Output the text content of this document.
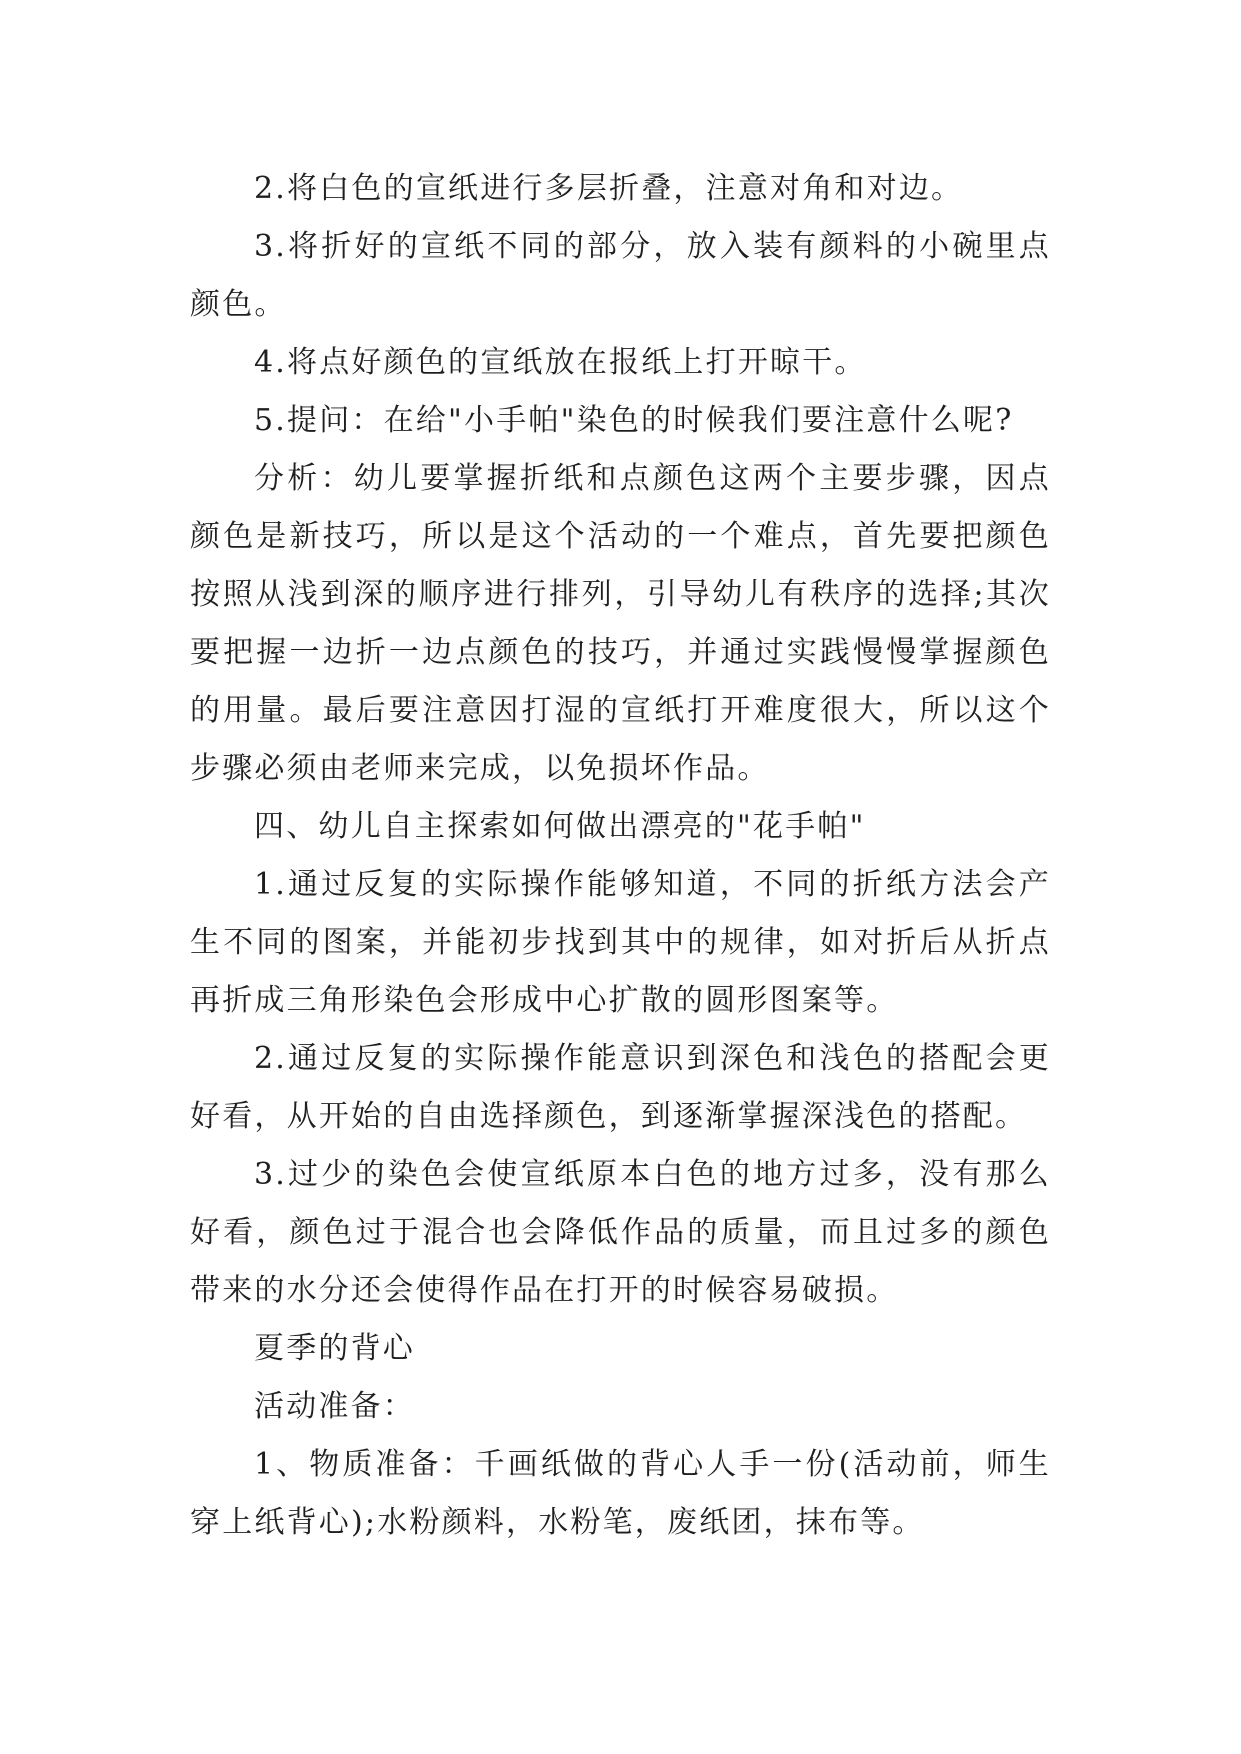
2.将白色的宣纸进行多层折叠，注意对角和对边。

3.将折好的宣纸不同的部分，放入装有颜料的小碗里点颜色。

4.将点好颜色的宣纸放在报纸上打开晾干。

5.提问：在给"小手帕"染色的时候我们要注意什么呢?

分析：幼儿要掌握折纸和点颜色这两个主要步骤，因点颜色是新技巧，所以是这个活动的一个难点，首先要把颜色按照从浅到深的顺序进行排列，引导幼儿有秩序的选择;其次要把握一边折一边点颜色的技巧，并通过实践慢慢掌握颜色的用量。最后要注意因打湿的宣纸打开难度很大，所以这个步骤必须由老师来完成，以免损坏作品。

四、幼儿自主探索如何做出漂亮的"花手帕"

1.通过反复的实际操作能够知道，不同的折纸方法会产生不同的图案，并能初步找到其中的规律，如对折后从折点再折成三角形染色会形成中心扩散的圆形图案等。

2.通过反复的实际操作能意识到深色和浅色的搭配会更好看，从开始的自由选择颜色，到逐渐掌握深浅色的搭配。

3.过少的染色会使宣纸原本白色的地方过多，没有那么好看，颜色过于混合也会降低作品的质量，而且过多的颜色带来的水分还会使得作品在打开的时候容易破损。

夏季的背心

活动准备：

1、物质准备：千画纸做的背心人手一份(活动前，师生穿上纸背心);水粉颜料，水粉笔，废纸团，抹布等。
